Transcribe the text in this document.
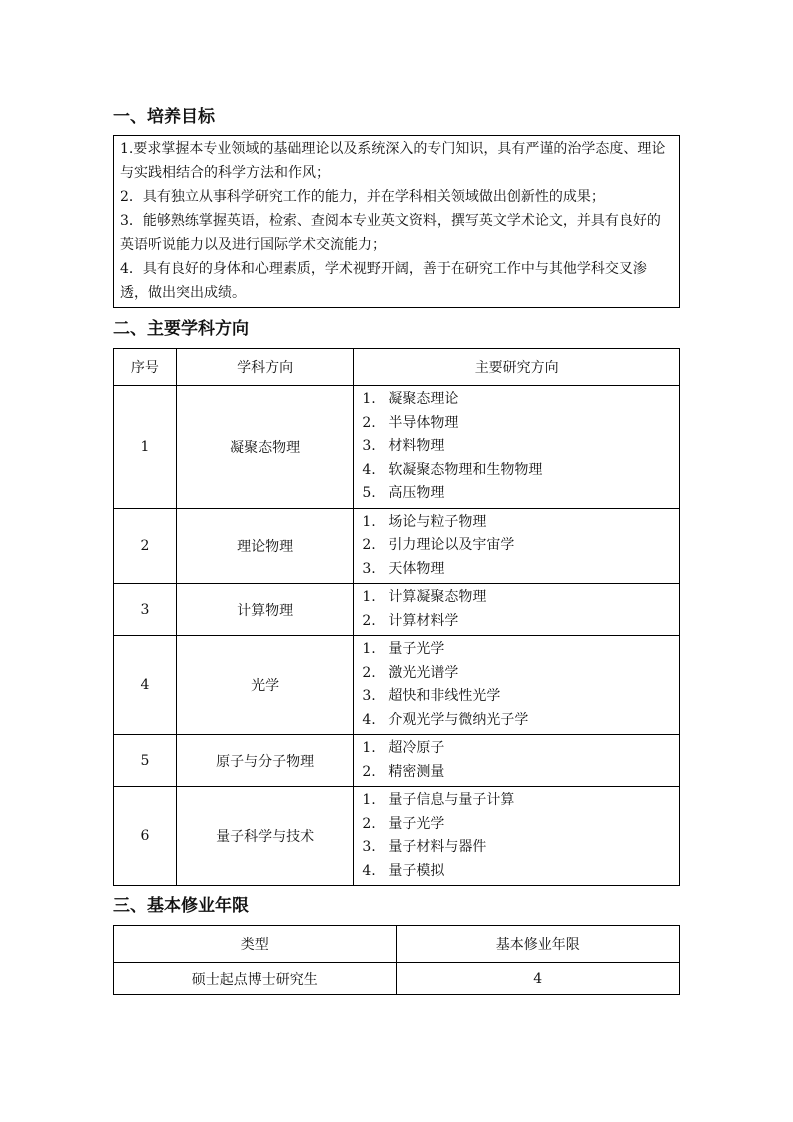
一、培养目标

1.要求掌握本专业领域的基础理论以及系统深入的专门知识，具有严谨的治学态度、理论与实践相结合的科学方法和作风；

2．具有独立从事科学研究工作的能力，并在学科相关领域做出创新性的成果；

3．能够熟练掌握英语，检索、查阅本专业英文资料，撰写英文学术论文，并具有良好的英语听说能力以及进行国际学术交流能力；

4．具有良好的身体和心理素质，学术视野开阔，善于在研究工作中与其他学科交叉渗透，做出突出成绩。

二、主要学科方向
序号	学科方向	主要研究方向
1	凝聚态物理	1. 凝聚态理论
2. 半导体物理
3. 材料物理
4. 软凝聚态物理和生物物理
5. 高压物理

2	理论物理	1. 场论与粒子物理
2. 引力理论以及宇宙学
3. 天体物理

3	计算物理	1. 计算凝聚态物理
2. 计算材料学

4	光学	1. 量子光学
2. 激光光谱学
3. 超快和非线性光学
4. 介观光学与微纳光子学

5	原子与分子物理	1. 超冷原子
2. 精密测量

6	量子科学与技术	1. 量子信息与量子计算
2. 量子光学
3. 量子材料与器件
4. 量子模拟
三、基本修业年限
类型	基本修业年限
硕士起点博士研究生	4
